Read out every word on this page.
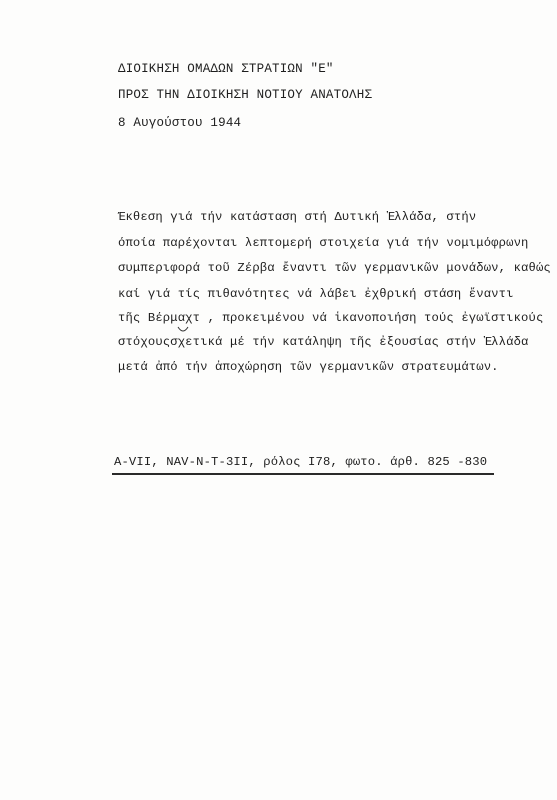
ΔΙΟΙΚΗΣΗ ΟΜΑΔΩΝ ΣΤΡΑΤΙΩΝ "Ε"
ΠΡΟΣ ΤΗΝ ΔΙΟΙΚΗΣΗ ΝΟΤΙΟΥ ΑΝΑΤΟΛΗΣ
8 Αυγούστου 1944
Έκθεση γιά τήν κατάσταση στή Δυτική Ἑλλάδα, στήν
όποία παρέχονται λεπτομερή στοιχεία γιά τήν νομιμόφρωνη
συμπεριφορά τοῦ Ζέρβα ἔναντι τῶν γερμανικῶν μονάδων, καθώς
καί γιά τίς πιθανότητες νά λάβει ἐχθρική στάση ἔναντι
τῆς Βέρμαχτ , προκειμένου νά ἱκανοποιήση τούς ἐγωϊστικούς
στόχουςσχετικά μέ τήν κατάληψη τῆς ἐξουσίας στήν Ἑλλάδα
μετά ἀπό τήν ἀποχώρηση τῶν γερμανικῶν στρατευμάτων.
A-VII, NAV-N-T-3II, ρόλος I78, φωτο. άρθ. 825 -830
